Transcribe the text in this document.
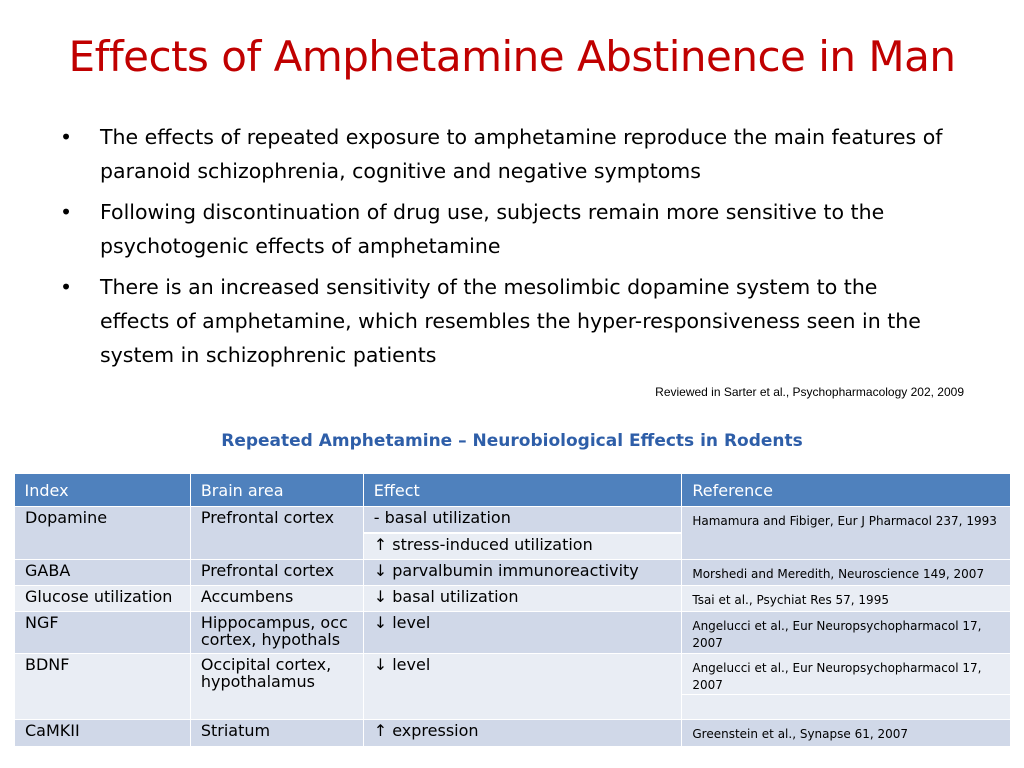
Effects of Amphetamine Abstinence in Man
• The effects of repeated exposure to amphetamine reproduce the main features of paranoid schizophrenia, cognitive and negative symptoms
• Following discontinuation of drug use, subjects remain more sensitive to the psychotogenic effects of amphetamine
• There is an increased sensitivity of the mesolimbic dopamine system to the effects of amphetamine, which resembles the hyper-responsiveness seen in the system in schizophrenic patients
Reviewed in Sarter et al., Psychopharmacology 202, 2009
Repeated Amphetamine – Neurobiological Effects in Rodents
Index	Brain area	Effect	Reference
Dopamine	Prefrontal cortex	- basal utilization	Hamamura and Fibiger, Eur J Pharmacol 237, 1993
		↑ stress-induced utilization	
GABA	Prefrontal cortex	↓ parvalbumin immunoreactivity	Morshedi and Meredith, Neuroscience 149, 2007
Glucose utilization	Accumbens	↓ basal utilization	Tsai et al., Psychiat Res 57, 1995
NGF	Hippocampus, occ cortex, hypothals	↓ level	Angelucci et al., Eur Neuropsychopharmacol 17, 2007
BDNF	Occipital cortex, hypothalamus	↓ level	Angelucci et al., Eur Neuropsychopharmacol 17, 2007

CaMKII	Striatum	↑ expression	Greenstein et al., Synapse 61, 2007
